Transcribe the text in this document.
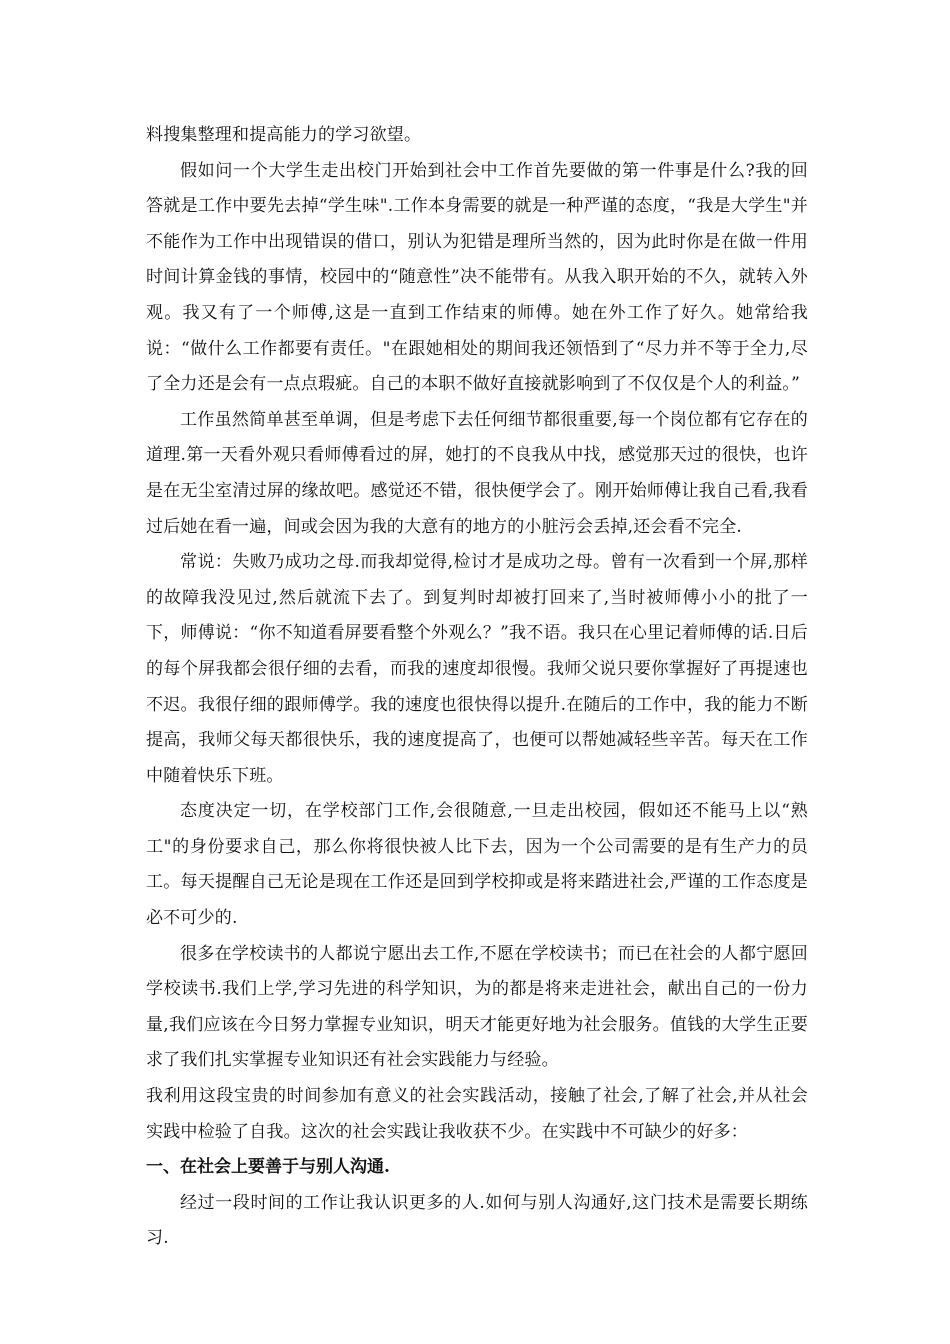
料搜集整理和提高能力的学习欲望。

假如问一个大学生走出校门开始到社会中工作首先要做的第一件事是什么?我的回答就是工作中要先去掉“学生味".工作本身需要的就是一种严谨的态度，“我是大学生"并不能作为工作中出现错误的借口，别认为犯错是理所当然的，因为此时你是在做一件用时间计算金钱的事情，校园中的“随意性”决不能带有。从我入职开始的不久，就转入外观。我又有了一个师傅,这是一直到工作结束的师傅。她在外工作了好久。她常给我说：“做什么工作都要有责任。"在跟她相处的期间我还领悟到了“尽力并不等于全力,尽了全力还是会有一点点瑕疵。自己的本职不做好直接就影响到了不仅仅是个人的利益。”

工作虽然简单甚至单调，但是考虑下去任何细节都很重要,每一个岗位都有它存在的道理.第一天看外观只看师傅看过的屏，她打的不良我从中找，感觉那天过的很快，也许是在无尘室清过屏的缘故吧。感觉还不错，很快便学会了。刚开始师傅让我自己看,我看过后她在看一遍，间或会因为我的大意有的地方的小脏污会丢掉,还会看不完全.

常说：失败乃成功之母.而我却觉得,检讨才是成功之母。曾有一次看到一个屏,那样的故障我没见过,然后就流下去了。到复判时却被打回来了,当时被师傅小小的批了一下，师傅说：“你不知道看屏要看整个外观么？”我不语。我只在心里记着师傅的话.日后的每个屏我都会很仔细的去看，而我的速度却很慢。我师父说只要你掌握好了再提速也不迟。我很仔细的跟师傅学。我的速度也很快得以提升.在随后的工作中，我的能力不断提高，我师父每天都很快乐，我的速度提高了，也便可以帮她减轻些辛苦。每天在工作中随着快乐下班。

态度决定一切，在学校部门工作,会很随意,一旦走出校园，假如还不能马上以“熟工"的身份要求自己，那么你将很快被人比下去，因为一个公司需要的是有生产力的员工。每天提醒自己无论是现在工作还是回到学校抑或是将来踏进社会,严谨的工作态度是必不可少的.

很多在学校读书的人都说宁愿出去工作,不愿在学校读书；而已在社会的人都宁愿回学校读书.我们上学,学习先进的科学知识，为的都是将来走进社会，献出自己的一份力量,我们应该在今日努力掌握专业知识，明天才能更好地为社会服务。值钱的大学生正要求了我们扎实掌握专业知识还有社会实践能力与经验。

我利用这段宝贵的时间参加有意义的社会实践活动，接触了社会,了解了社会,并从社会实践中检验了自我。这次的社会实践让我收获不少。在实践中不可缺少的好多：

一、在社会上要善于与别人沟通.

经过一段时间的工作让我认识更多的人.如何与别人沟通好,这门技术是需要长期练习.
